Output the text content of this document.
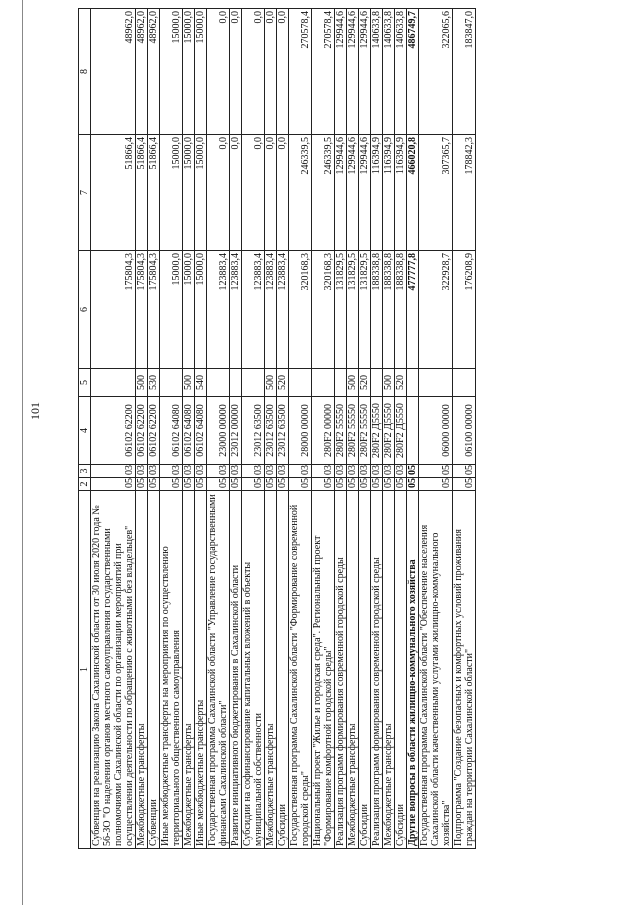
101
1	2	3	4	5	6	7	8
Субвенция на реализацию Закона Сахалинской области от 30 июля 2020 года № 56-ЗО "О наделении органов местного самоуправления государственными полномочиями Сахалинской области по организации мероприятий при осуществлении деятельности по обращению с животными без владельцев"	05	03	06102 62200		175804,3	51866,4	48962,0
Межбюджетные трансферты	05	03	06102 62200	500	175804,3	51866,4	48962,0
Субвенции	05	03	06102 62200	530	175804,3	51866,4	48962,0
Иные межбюджетные трансферты на мероприятия по осуществлению территориального общественного самоуправления	05	03	06102 64080		15000,0	15000,0	15000,0
Межбюджетные трансферты	05	03	06102 64080	500	15000,0	15000,0	15000,0
Иные межбюджетные трансферты	05	03	06102 64080	540	15000,0	15000,0	15000,0
Государственная программа Сахалинской области "Управление государственными финансами Сахалинской области"	05	03	23000 00000		123883,4	0,0	0,0
Развитие инициативного бюджетирования в Сахалинской области	05	03	23012 00000		123883,4	0,0	0,0
Субсидии на софинансирование капитальных вложений в объекты муниципальной собственности	05	03	23012 63500		123883,4	0,0	0,0
Межбюджетные трансферты	05	03	23012 63500	500	123883,4	0,0	0,0
Субсидии	05	03	23012 63500	520	123883,4	0,0	0,0
Государственная программа Сахалинской области "Формирование современной городской среды"	05	03	28000 00000		320168,3	246339,5	270578,4
Национальный проект "Жилье и городская среда". Региональный проект "Формирование комфортной городской среды"	05	03	280F2 00000		320168,3	246339,5	270578,4
Реализация программ формирования современной городской среды	05	03	280F2 55550		131829,5	129944,6	129944,6
Межбюджетные трансферты	05	03	280F2 55550	500	131829,5	129944,6	129944,6
Субсидии	05	03	280F2 55550	520	131829,5	129944,6	129944,6
Реализация программ формирования современной городской среды	05	03	280F2 Д5550		188338,8	116394,9	140633,8
Межбюджетные трансферты	05	03	280F2 Д5550	500	188338,8	116394,9	140633,8
Субсидии	05	03	280F2 Д5550	520	188338,8	116394,9	140633,8
Другие вопросы в области жилищно-коммунального хозяйства	05	05			477777,8	466020,8	486749,7
Государственная программа Сахалинской области "Обеспечение населения Сахалинской области качественными услугами жилищно-коммунального хозяйства"	05	05	06000 00000		322928,7	307365,7	322065,6
Подпрограмма "Создание безопасных и комфортных условий проживания граждан на территории Сахалинской области"	05	05	06100 00000		176208,9	178842,3	183847,0
